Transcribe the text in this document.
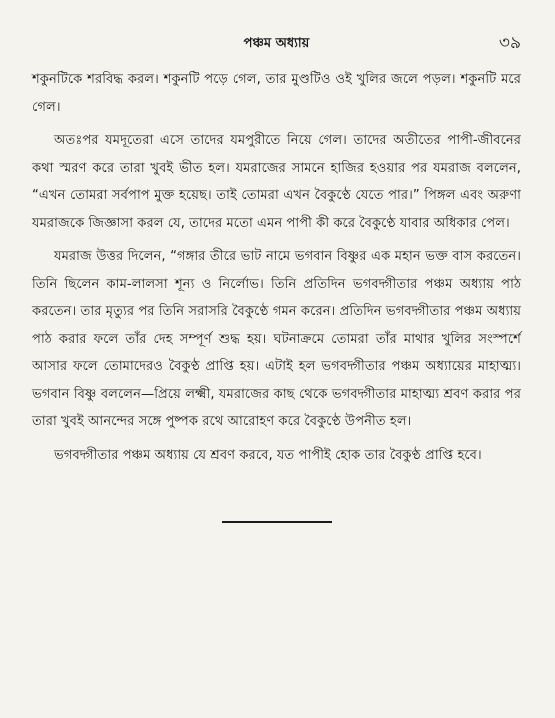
পঞ্চম অধ্যায়	৩৯

শকুনটিকে শরবিদ্ধ করল। শকুনটি পড়ে গেল, তার মুণ্ডটিও ওই খুলির জলে পড়ল। শকুনটি মরে গেল।

অতঃপর যমদূতেরা এসে তাদের যমপুরীতে নিয়ে গেল। তাদের অতীতের পাপী-জীবনের কথা স্মরণ করে তারা খুবই ভীত হল। যমরাজের সামনে হাজির হওয়ার পর যমরাজ বললেন, “এখন তোমরা সর্বপাপ মুক্ত হয়েছ। তাই তোমরা এখন বৈকুণ্ঠে যেতে পার।” পিঙ্গল এবং অরুণা যমরাজকে জিজ্ঞাসা করল যে, তাদের মতো এমন পাপী কী করে বৈকুণ্ঠে যাবার অধিকার পেল।

যমরাজ উত্তর দিলেন, “গঙ্গার তীরে ভাট নামে ভগবান বিষ্ণুর এক মহান ভক্ত বাস করতেন। তিনি ছিলেন কাম-লালসা শূন্য ও নির্লোভ। তিনি প্রতিদিন ভগবদ্গীতার পঞ্চম অধ্যায় পাঠ করতেন। তার মৃত্যুর পর তিনি সরাসরি বৈকুণ্ঠে গমন করেন। প্রতিদিন ভগবদ্গীতার পঞ্চম অধ্যায় পাঠ করার ফলে তাঁর দেহ সম্পূর্ণ শুদ্ধ হয়। ঘটনাক্রমে তোমরা তাঁর মাথার খুলির সংস্পর্শে আসার ফলে তোমাদেরও বৈকুণ্ঠ প্রাপ্তি হয়। এটাই হল ভগবদ্গীতার পঞ্চম অধ্যায়ের মাহাত্ম্য। ভগবান বিষ্ণু বললেন—প্রিয়ে লক্ষ্মী, যমরাজের কাছ থেকে ভগবদ্গীতার মাহাত্ম্য শ্রবণ করার পর তারা খুবই আনন্দের সঙ্গে পুষ্পক রথে আরোহণ করে বৈকুণ্ঠে উপনীত হল।

ভগবদ্গীতার পঞ্চম অধ্যায় যে শ্রবণ করবে, যত পাপীই হোক তার বৈকুণ্ঠ প্রাপ্তি হবে।
